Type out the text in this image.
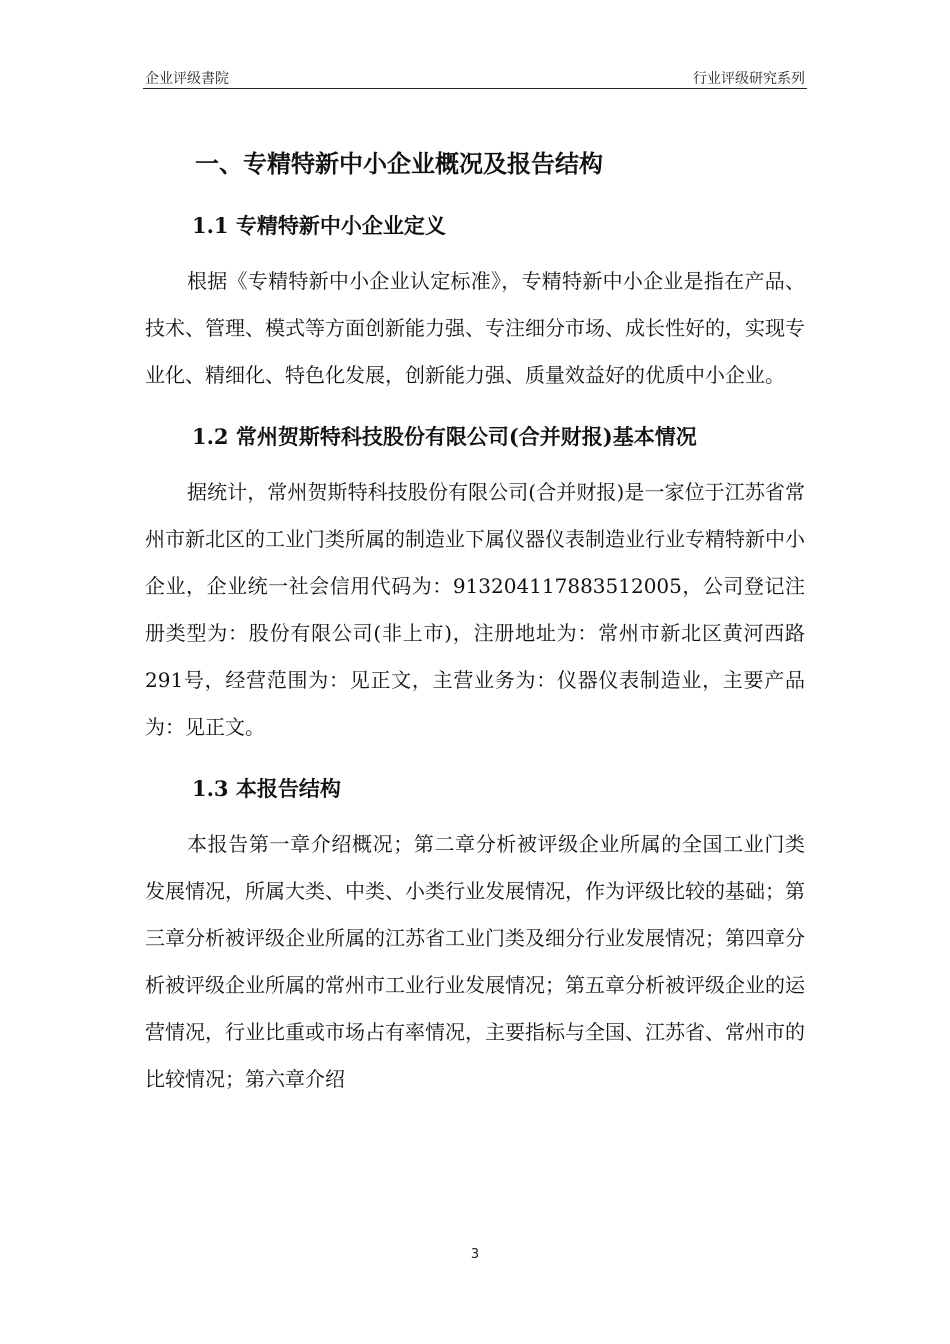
企业评级書院	行业评级研究系列
一、专精特新中小企业概况及报告结构
1.1 专精特新中小企业定义

根据《专精特新中小企业认定标准》，专精特新中小企业是指在产品、技术、管理、模式等方面创新能力强、专注细分市场、成长性好的，实现专业化、精细化、特色化发展，创新能力强、质量效益好的优质中小企业。

1.2 常州贺斯特科技股份有限公司(合并财报)基本情况

据统计，常州贺斯特科技股份有限公司(合并财报)是一家位于江苏省常州市新北区的工业门类所属的制造业下属仪器仪表制造业行业专精特新中小企业，企业统一社会信用代码为：913204117883512005，公司登记注册类型为：股份有限公司(非上市)，注册地址为：常州市新北区黄河西路291号，经营范围为：见正文，主营业务为：仪器仪表制造业，主要产品为：见正文。

1.3 本报告结构

本报告第一章介绍概况；第二章分析被评级企业所属的全国工业门类发展情况，所属大类、中类、小类行业发展情况，作为评级比较的基础；第三章分析被评级企业所属的江苏省工业门类及细分行业发展情况；第四章分析被评级企业所属的常州市工业行业发展情况；第五章分析被评级企业的运营情况，行业比重或市场占有率情况，主要指标与全国、江苏省、常州市的比较情况；第六章介绍

3
